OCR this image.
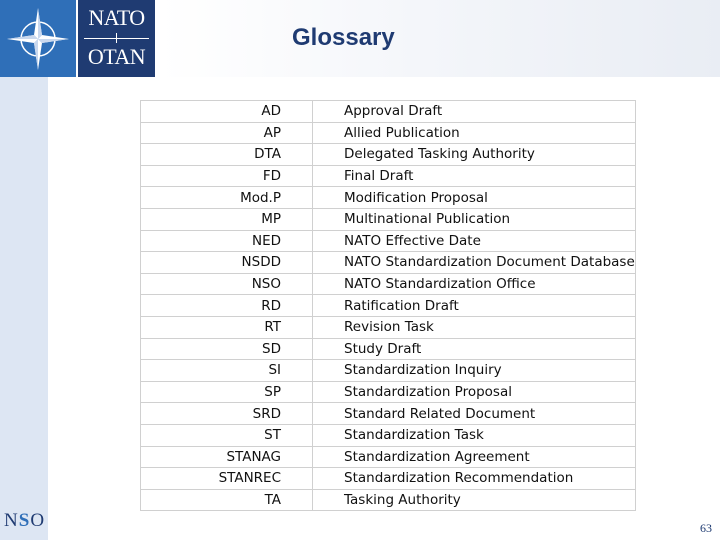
NATO
OTAN
Glossary
AD	Approval Draft
AP	Allied Publication
DTA	Delegated Tasking Authority
FD	Final Draft
Mod.P	Modification Proposal
MP	Multinational Publication
NED	NATO Effective Date
NSDD	NATO Standardization Document Database
NSO	NATO Standardization Office
RD	Ratification Draft
RT	Revision Task
SD	Study Draft
SI	Standardization Inquiry
SP	Standardization Proposal
SRD	Standard Related Document
ST	Standardization Task
STANAG	Standardization Agreement
STANREC	Standardization Recommendation
TA	Tasking Authority
NSO	63
